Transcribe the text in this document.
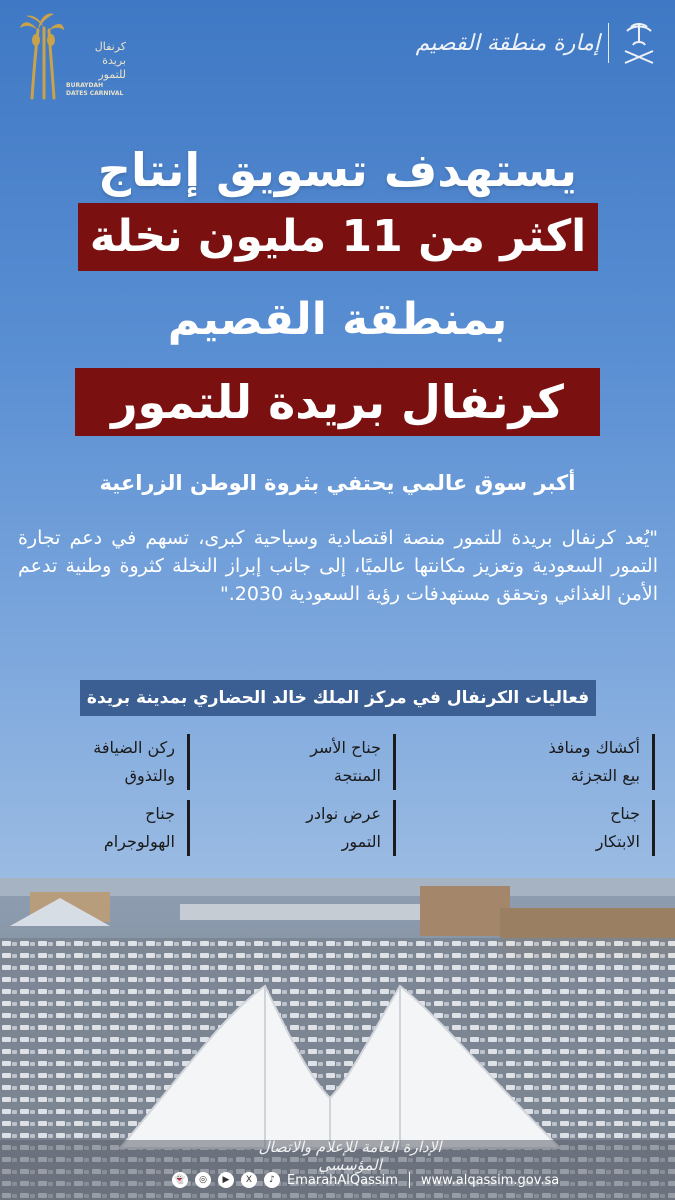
كرنفال
بريدة
للتمور
BURAYDAH
DATES CARNIVAL
إمارة منطقة القصيم
يستهدف تسويق إنتاج
اكثر من 11 مليون نخلة
بمنطقة القصيم
كرنفال بريدة للتمور
أكبر سوق عالمي يحتفي بثروة الوطن الزراعية

"يُعد كرنفال بريدة للتمور منصة اقتصادية وسياحية كبرى، تسهم في دعم تجارة التمور السعودية وتعزيز مكانتها عالميًا، إلى جانب إبراز النخلة كثروة وطنية تدعم الأمن الغذائي وتحقق مستهدفات رؤية السعودية 2030."

فعاليات الكرنفال في مركز الملك خالد الحضاري بمدينة بريدة
أكشاك ومنافذ
بيع التجزئة
جناح الأسر
المنتجة
ركن الضيافة
والتذوق
جناح
الابتكار
عرض نوادر
التمور
جناح
الهولوجرام
الإدارة العامة للإعلام والاتصال المؤسسي
👻	◎	▶	X	♪ EmarahAlQassim www.alqassim.gov.sa
